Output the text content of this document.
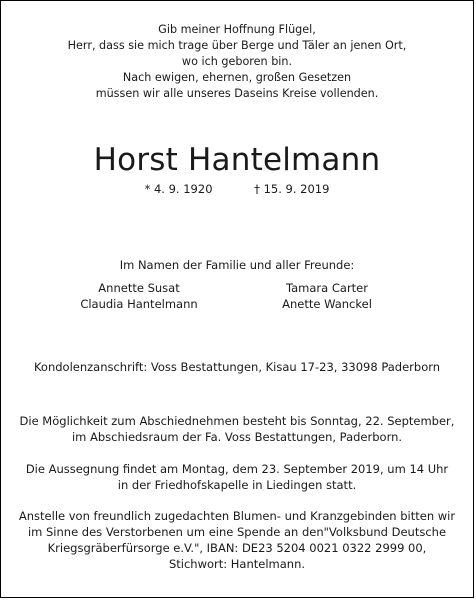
Gib meiner Hoffnung Flügel,
Herr, dass sie mich trage über Berge und Täler an jenen Ort,
wo ich geboren bin.
Nach ewigen, ehernen, großen Gesetzen
müssen wir alle unseres Daseins Kreise vollenden.
Horst Hantelmann
* 4. 9. 1920	† 15. 9. 2019
Im Namen der Familie und aller Freunde:
Annette Susat
Claudia Hantelmann
Tamara Carter
Anette Wanckel
Kondolenzanschrift: Voss Bestattungen, Kisau 17-23, 33098 Paderborn
Die Möglichkeit zum Abschiednehmen besteht bis Sonntag, 22. September,
im Abschiedsraum der Fa. Voss Bestattungen, Paderborn.
Die Aussegnung findet am Montag, dem 23. September 2019, um 14 Uhr
in der Friedhofskapelle in Liedingen statt.
Anstelle von freundlich zugedachten Blumen- und Kranzgebinden bitten wir
im Sinne des Verstorbenen um eine Spende an den"Volksbund Deutsche
Kriegsgräberfürsorge e.V.", IBAN: DE23 5204 0021 0322 2999 00,
Stichwort: Hantelmann.
